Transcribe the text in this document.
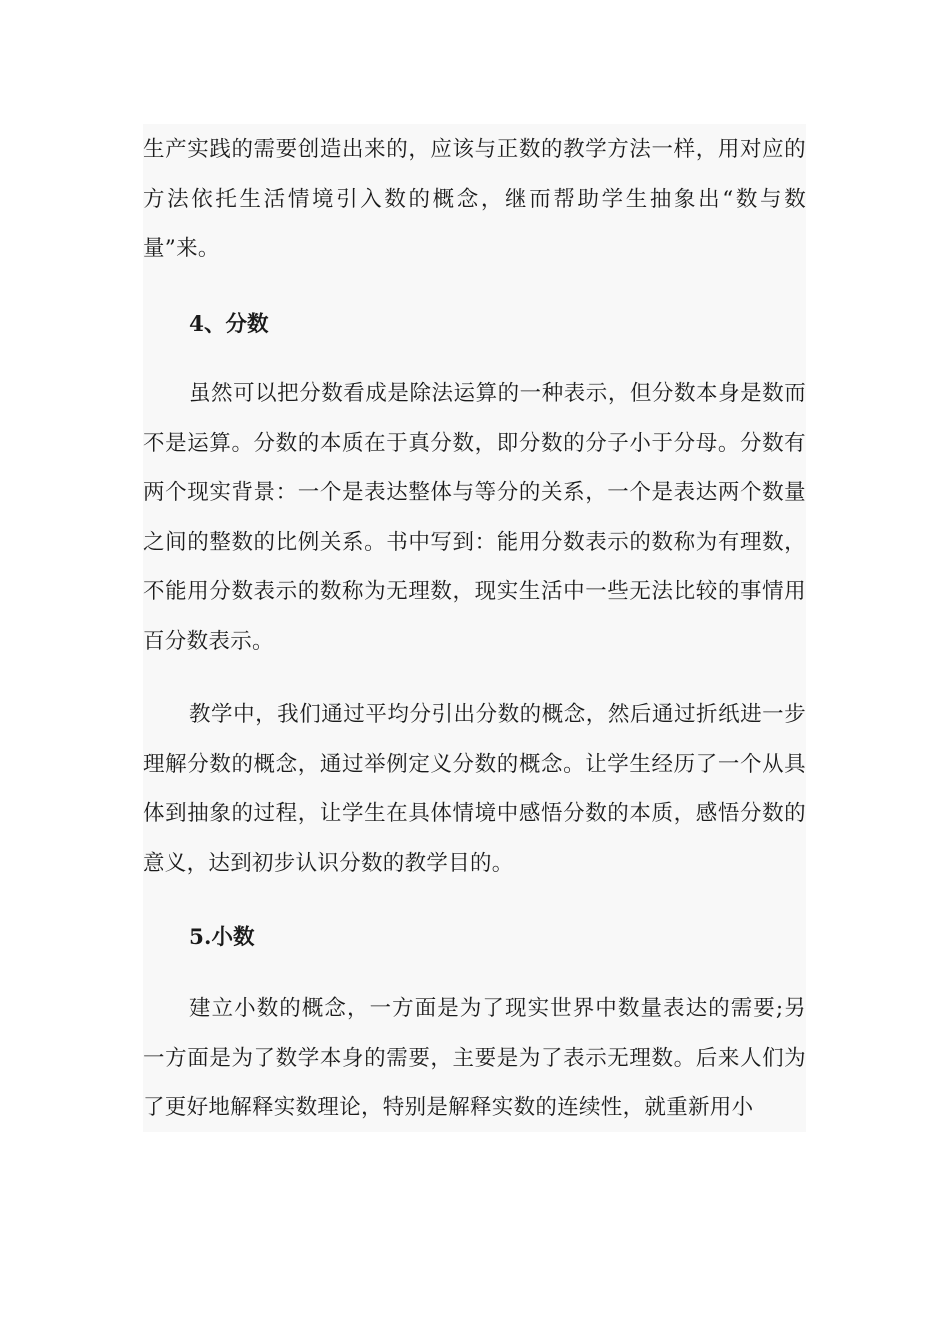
生产实践的需要创造出来的，应该与正数的教学方法一样，用对应的方法依托生活情境引入数的概念，继而帮助学生抽象出“数与数量”来。

4、分数

虽然可以把分数看成是除法运算的一种表示，但分数本身是数而不是运算。分数的本质在于真分数，即分数的分子小于分母。分数有两个现实背景：一个是表达整体与等分的关系，一个是表达两个数量之间的整数的比例关系。书中写到：能用分数表示的数称为有理数，不能用分数表示的数称为无理数，现实生活中一些无法比较的事情用百分数表示。

教学中，我们通过平均分引出分数的概念，然后通过折纸进一步理解分数的概念，通过举例定义分数的概念。让学生经历了一个从具体到抽象的过程，让学生在具体情境中感悟分数的本质，感悟分数的意义，达到初步认识分数的教学目的。

5.小数

建立小数的概念，一方面是为了现实世界中数量表达的需要;另一方面是为了数学本身的需要，主要是为了表示无理数。后来人们为了更好地解释实数理论，特别是解释实数的连续性，就重新用小
